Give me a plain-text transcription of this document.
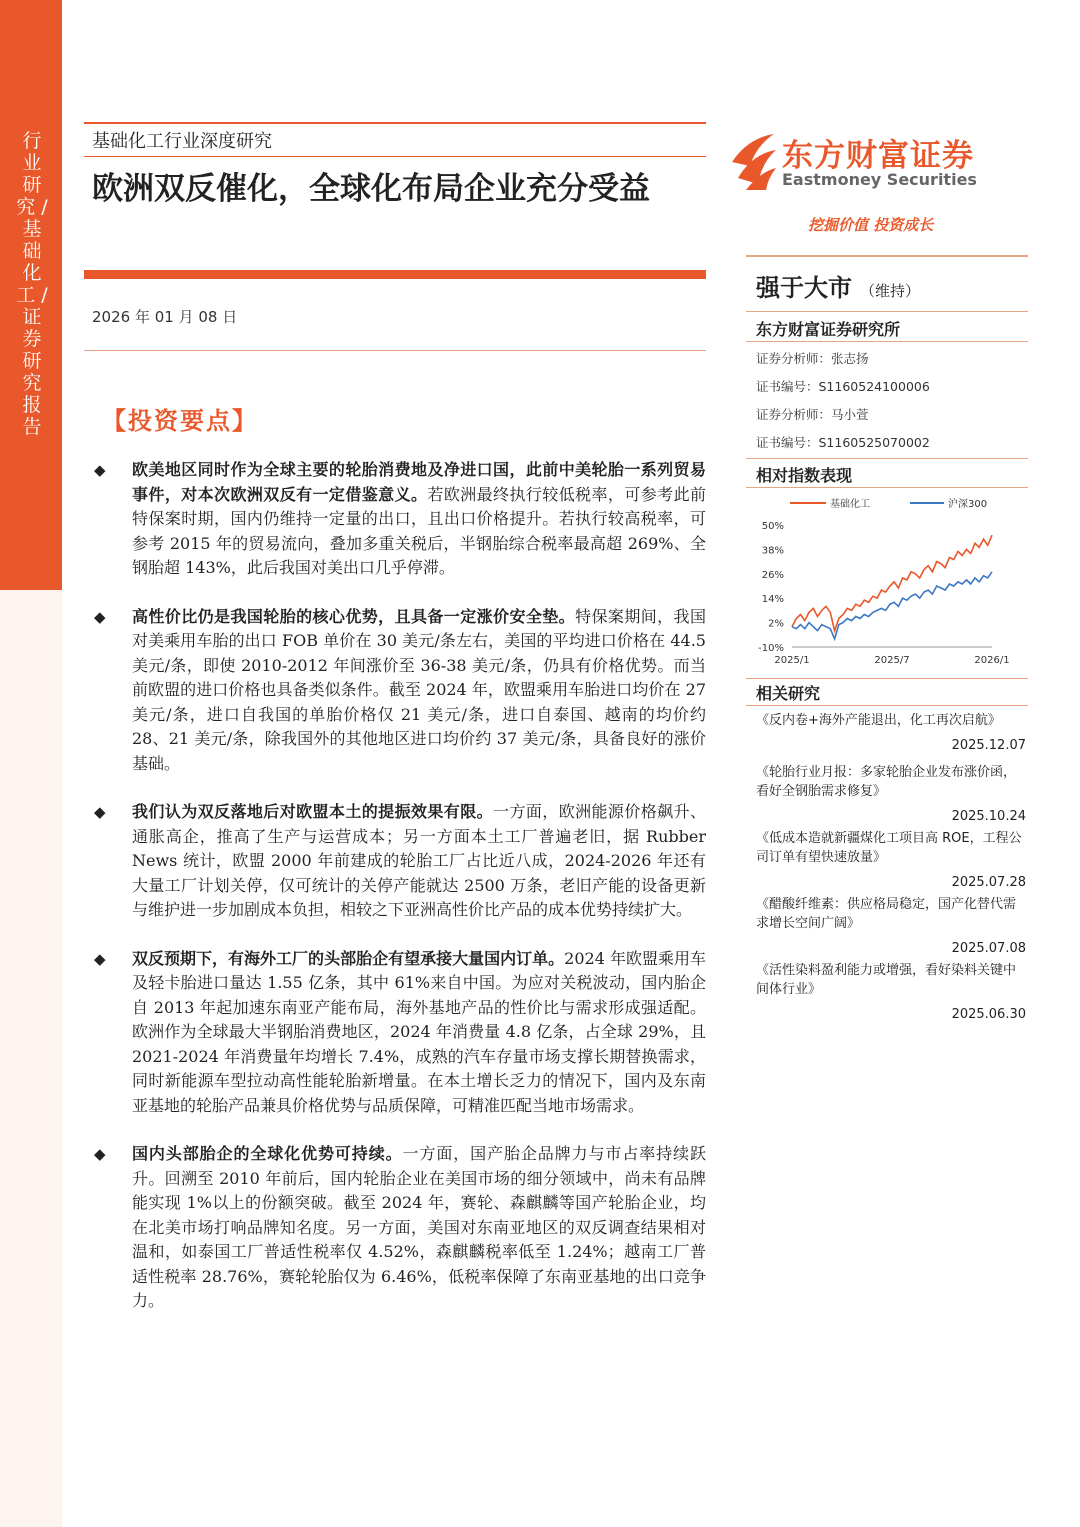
行业研究 / 基础化工 / 证券研究报告
基础化工行业深度研究
欧洲双反催化，全球化布局企业充分受益
2026 年 01 月 08 日
东方财富证券
Eastmoney Securities
挖掘价值 投资成长
强于大市 （维持）
东方财富证券研究所
证券分析师：张志扬
证书编号：S1160524100006
证券分析师：马小萱
证书编号：S1160525070002
相对指数表现
基础化工	沪深300
50%
38%
26%
14%
2%
-10%
2025/1	2025/7	2026/1
相关研究
《反内卷+海外产能退出，化工再次启航》
2025.12.07
《轮胎行业月报：多家轮胎企业发布涨价函，看好全钢胎需求修复》
2025.10.24
《低成本造就新疆煤化工项目高 ROE，工程公司订单有望快速放量》
2025.07.28
《醋酸纤维素：供应格局稳定，国产化替代需求增长空间广阔》
2025.07.08
《活性染料盈利能力或增强，看好染料关键中间体行业》
2025.06.30
【投资要点】
◆ 欧美地区同时作为全球主要的轮胎消费地及净进口国，此前中美轮胎一系列贸易事件，对本次欧洲双反有一定借鉴意义。若欧洲最终执行较低税率，可参考此前特保案时期，国内仍维持一定量的出口，且出口价格提升。若执行较高税率，可参考 2015 年的贸易流向，叠加多重关税后，半钢胎综合税率最高超 269%、全钢胎超 143%，此后我国对美出口几乎停滞。
◆ 高性价比仍是我国轮胎的核心优势，且具备一定涨价安全垫。特保案期间，我国对美乘用车胎的出口 FOB 单价在 30 美元/条左右，美国的平均进口价格在 44.5 美元/条，即使 2010-2012 年间涨价至 36-38 美元/条，仍具有价格优势。而当前欧盟的进口价格也具备类似条件。截至 2024 年，欧盟乘用车胎进口均价在 27 美元/条，进口自我国的单胎价格仅 21 美元/条，进口自泰国、越南的均价约 28、21 美元/条，除我国外的其他地区进口均价约 37 美元/条，具备良好的涨价基础。
◆ 我们认为双反落地后对欧盟本土的提振效果有限。一方面，欧洲能源价格飙升、通胀高企，推高了生产与运营成本；另一方面本土工厂普遍老旧，据 Rubber News 统计，欧盟 2000 年前建成的轮胎工厂占比近八成，2024-2026 年还有大量工厂计划关停，仅可统计的关停产能就达 2500 万条，老旧产能的设备更新与维护进一步加剧成本负担，相较之下亚洲高性价比产品的成本优势持续扩大。
◆ 双反预期下，有海外工厂的头部胎企有望承接大量国内订单。2024 年欧盟乘用车及轻卡胎进口量达 1.55 亿条，其中 61%来自中国。为应对关税波动，国内胎企自 2013 年起加速东南亚产能布局，海外基地产品的性价比与需求形成强适配。欧洲作为全球最大半钢胎消费地区，2024 年消费量 4.8 亿条，占全球 29%，且 2021-2024 年消费量年均增长 7.4%，成熟的汽车存量市场支撑长期替换需求，同时新能源车型拉动高性能轮胎新增量。在本土增长乏力的情况下，国内及东南亚基地的轮胎产品兼具价格优势与品质保障，可精准匹配当地市场需求。
◆ 国内头部胎企的全球化优势可持续。一方面，国产胎企品牌力与市占率持续跃升。回溯至 2010 年前后，国内轮胎企业在美国市场的细分领域中，尚未有品牌能实现 1%以上的份额突破。截至 2024 年，赛轮、森麒麟等国产轮胎企业，均在北美市场打响品牌知名度。另一方面，美国对东南亚地区的双反调查结果相对温和，如泰国工厂普适性税率仅 4.52%，森麒麟税率低至 1.24%；越南工厂普适性税率 28.76%，赛轮轮胎仅为 6.46%，低税率保障了东南亚基地的出口竞争力。
